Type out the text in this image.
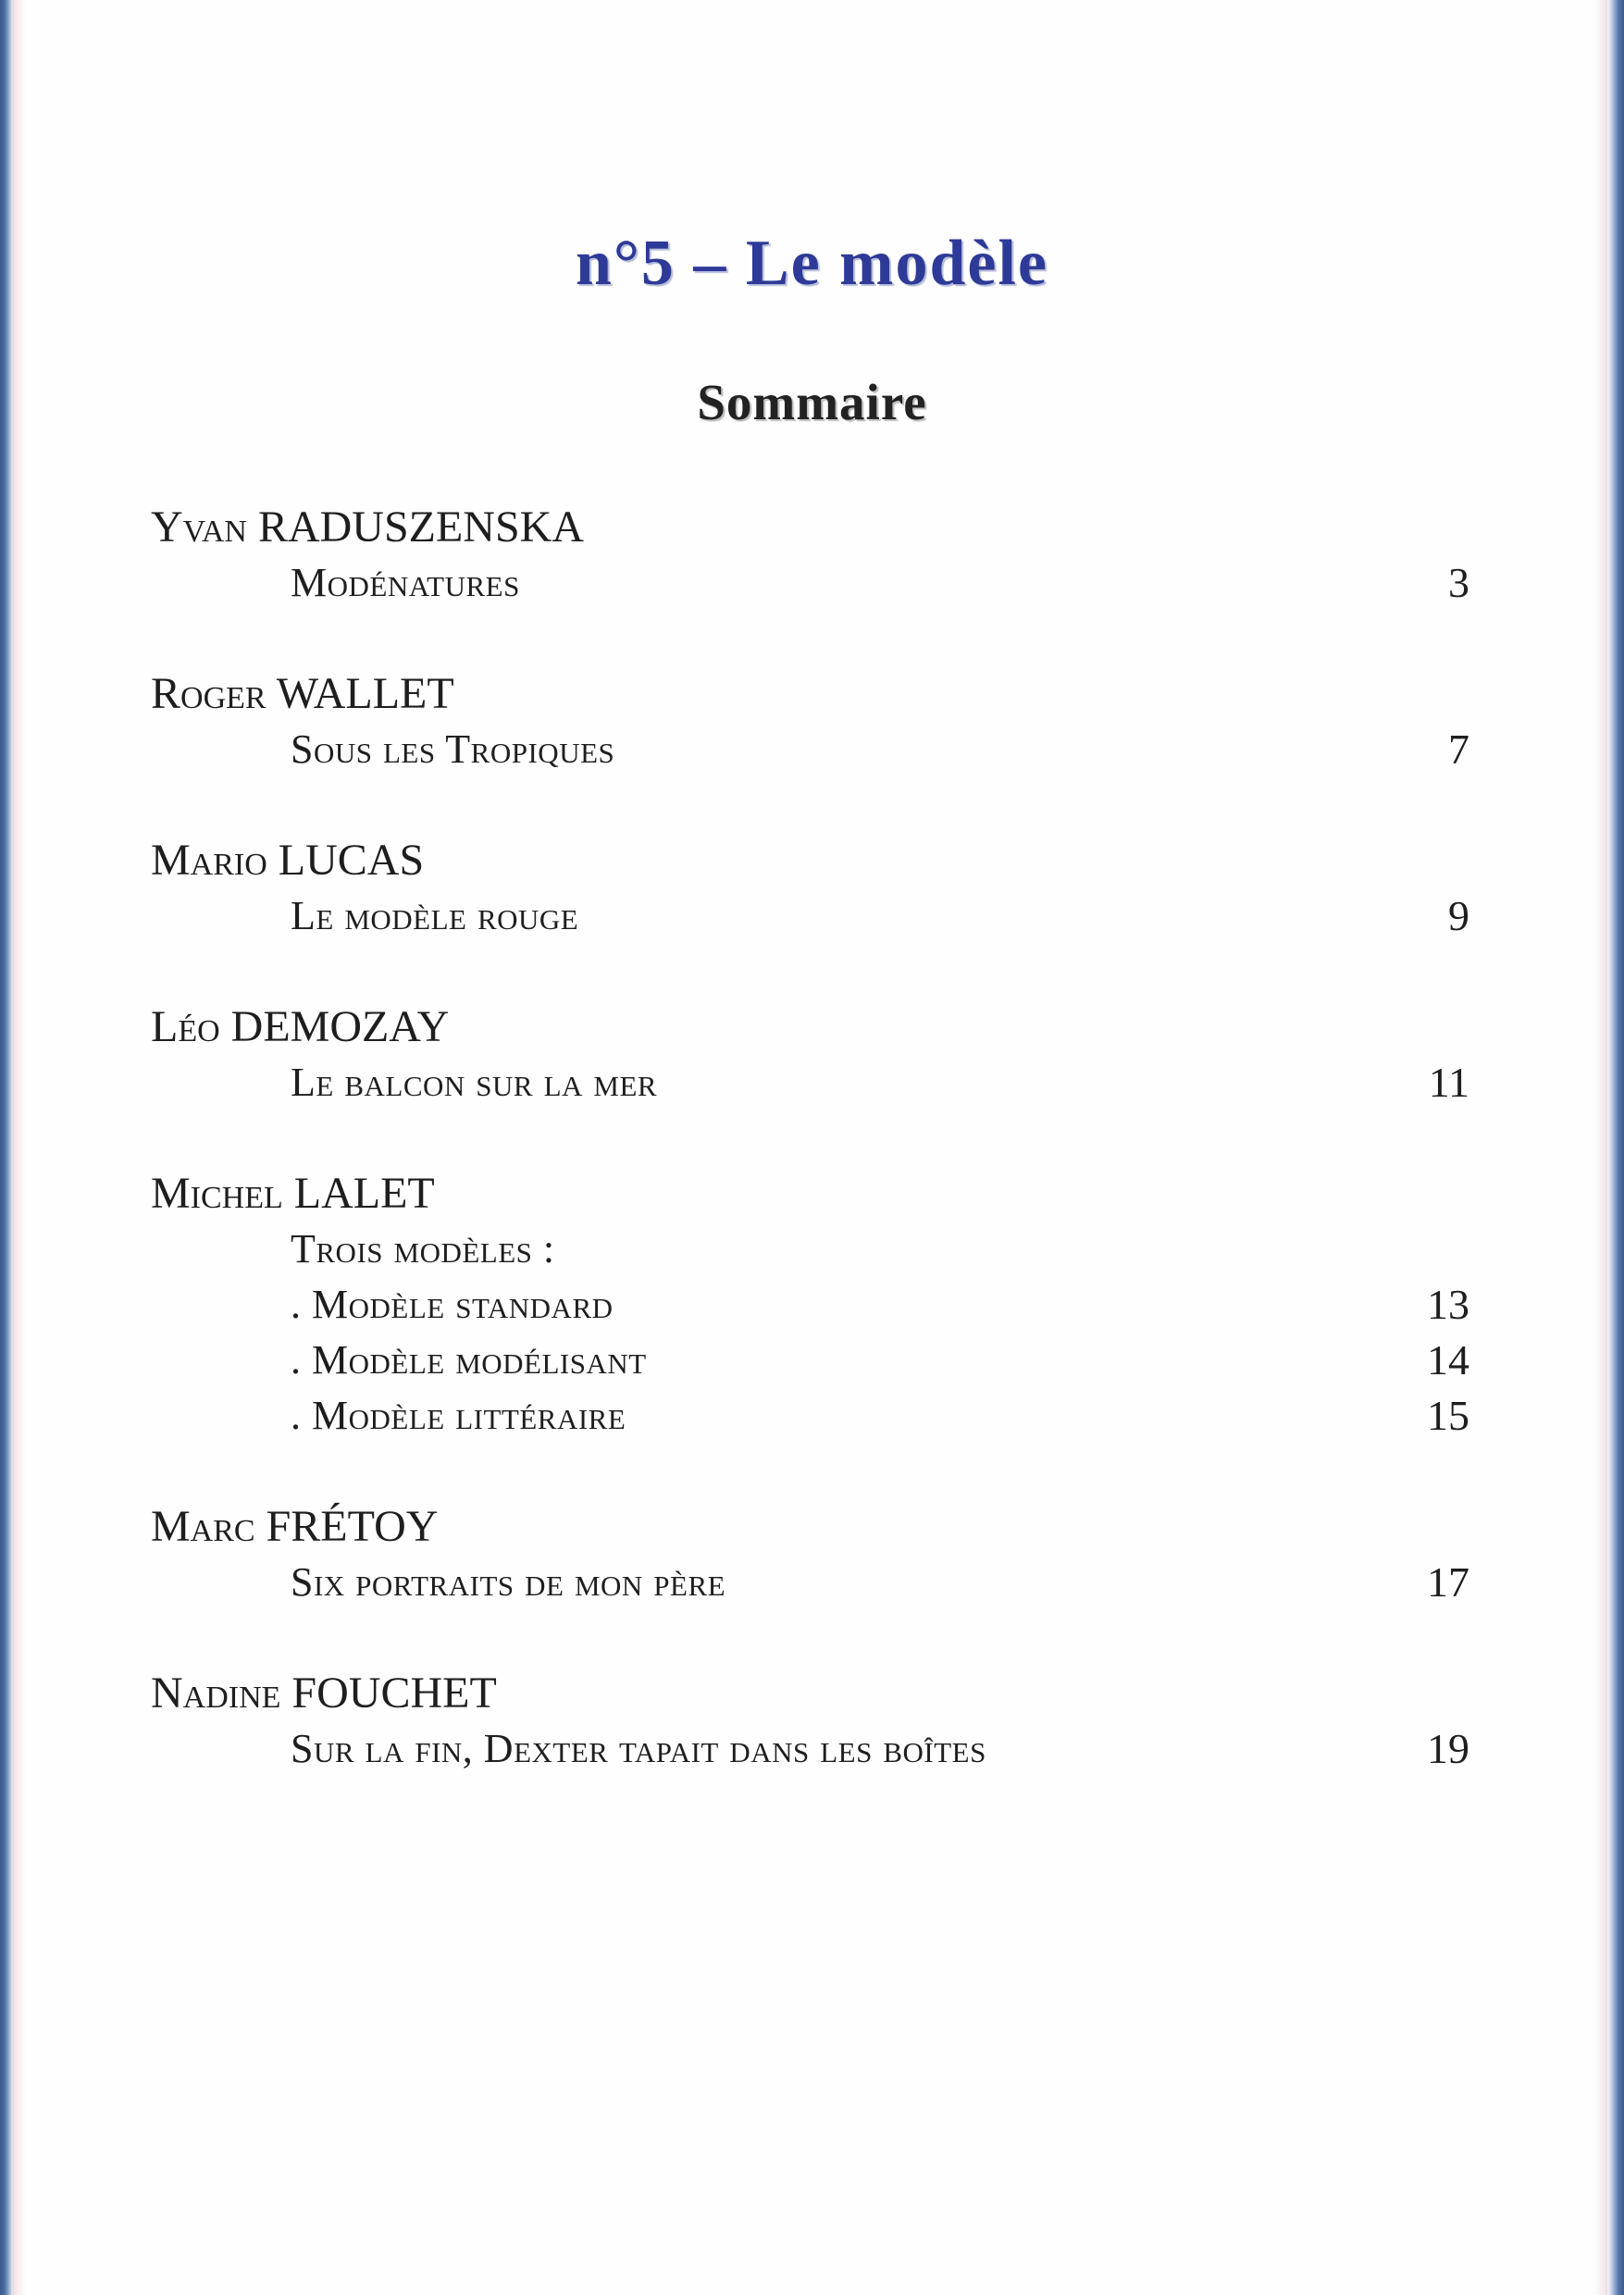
n°5 – Le modèle
Sommaire
Yvan RADUSZENSKA
Modénatures	3
Roger WALLET
Sous les Tropiques	7
Mario LUCAS
Le modèle rouge	9
Léo DEMOZAY
Le balcon sur la mer	11
Michel LALET
Trois modèles :
. Modèle standard	13
. Modèle modélisant	14
. Modèle littéraire	15
Marc FRÉTOY
Six portraits de mon père	17
Nadine FOUCHET
Sur la fin, Dexter tapait dans les boîtes	19
